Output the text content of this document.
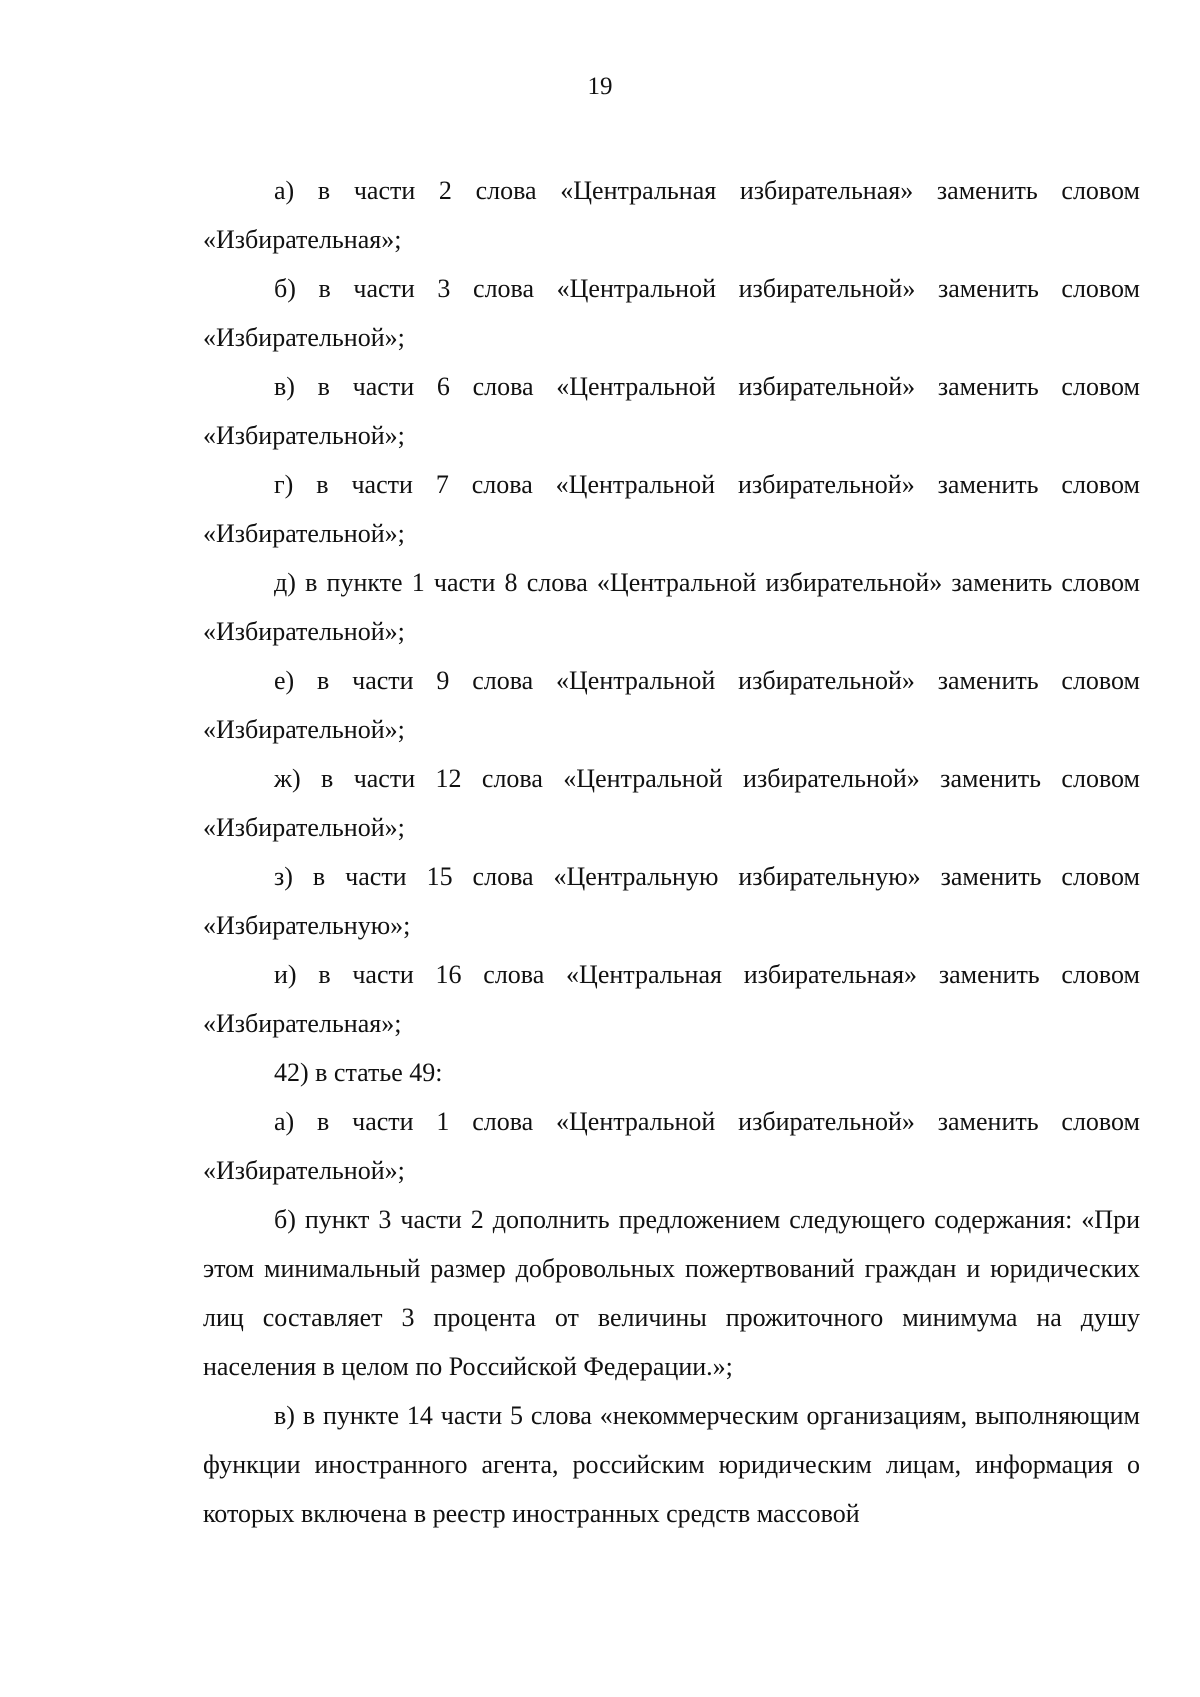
19

а) в части 2 слова «Центральная избирательная» заменить словом «Избирательная»;

б) в части 3 слова «Центральной избирательной» заменить словом «Избирательной»;

в) в части 6 слова «Центральной избирательной» заменить словом «Избирательной»;

г) в части 7 слова «Центральной избирательной» заменить словом «Избирательной»;

д) в пункте 1 части 8 слова «Центральной избирательной» заменить словом «Избирательной»;

е) в части 9 слова «Центральной избирательной» заменить словом «Избирательной»;

ж) в части 12 слова «Центральной избирательной» заменить словом «Избирательной»;

з) в части 15 слова «Центральную избирательную» заменить словом «Избирательную»;

и) в части 16 слова «Центральная избирательная» заменить словом «Избирательная»;

42) в статье 49:

а) в части 1 слова «Центральной избирательной» заменить словом «Избирательной»;

б) пункт 3 части 2 дополнить предложением следующего содержания: «При этом минимальный размер добровольных пожертвований граждан и юридических лиц составляет 3 процента от величины прожиточного минимума на душу населения в целом по Российской Федерации.»;

в) в пункте 14 части 5 слова «некоммерческим организациям, выполняющим функции иностранного агента, российским юридическим лицам, информация о которых включена в реестр иностранных средств массовой
